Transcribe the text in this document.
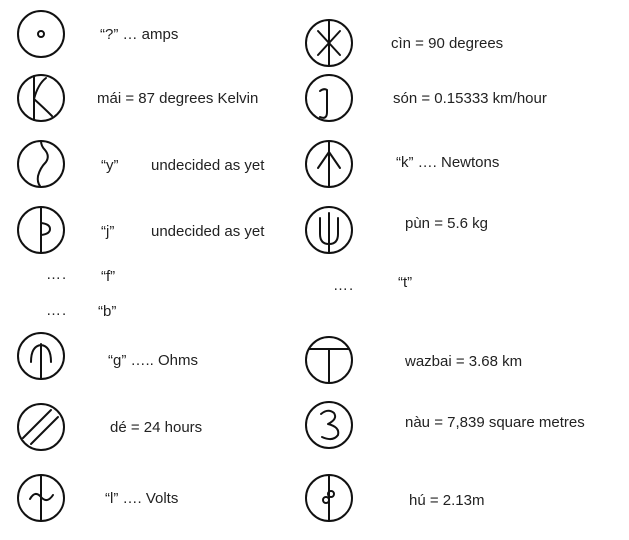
“?” … amps
mái = 87 degrees Kelvin
“y” undecided as yet
“j” undecided as yet
…. “f”
…. “b”
“g” ….. Ohms
dé = 24 hours
“l” …. Volts
cìn = 90 degrees
són = 0.15333 km/hour
“k” …. Newtons
pùn = 5.6 kg
….	“t”
wazbai = 3.68 km
nàu = 7,839 square metres
hú = 2.13m
